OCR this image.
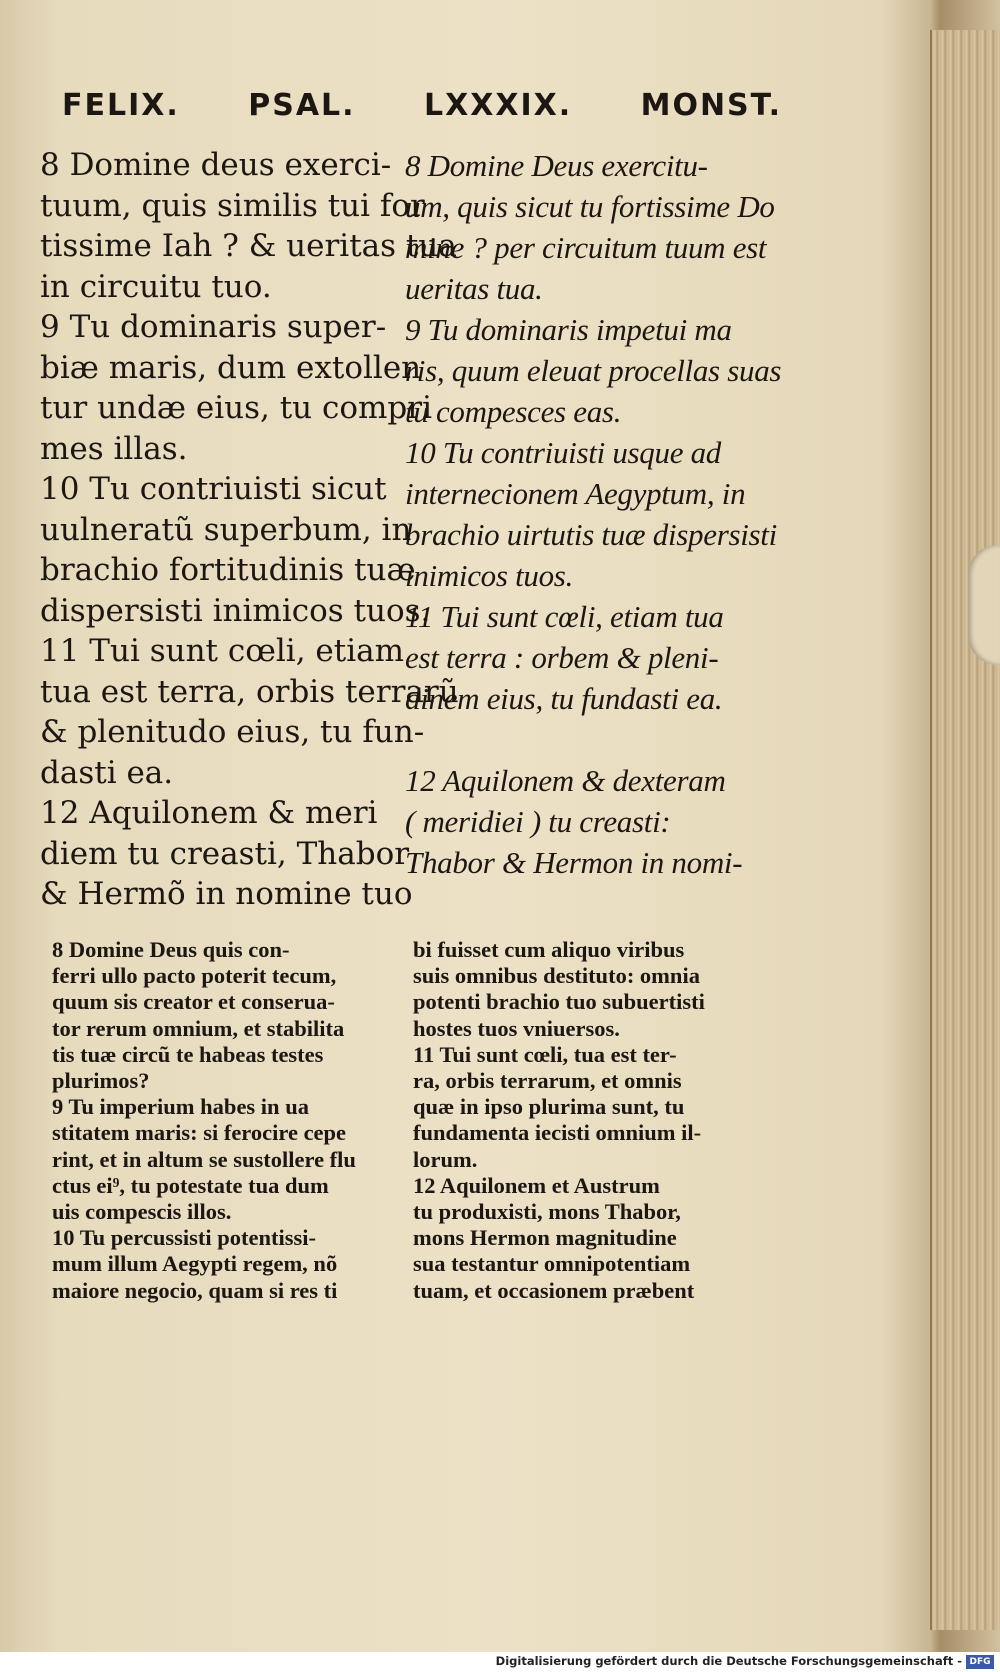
FELIX. PSAL. LXXXIX. MONST.
8 Domine deus exerci-
tuum, quis similis tui for
tissime Iah ? & ueritas tua
in circuitu tuo.
9 Tu dominaris super-
biæ maris, dum extollen
tur undæ eius, tu compri
mes illas.
10 Tu contriuisti sicut
uulneratũ superbum, in
brachio fortitudinis tuæ
dispersisti inimicos tuos.
11 Tui sunt cœli, etiam
tua est terra, orbis terrarũ
& plenitudo eius, tu fun-
dasti ea.
12 Aquilonem & meri
diem tu creasti, Thabor
& Hermõ in nomine tuo
8 Domine Deus exercitu-
um, quis sicut tu fortissime Do
mine ? per circuitum tuum est
ueritas tua.
9 Tu dominaris impetui ma
ris, quum eleuat procellas suas
tu compesces eas.
10 Tu contriuisti usque ad
internecionem Aegyptum, in
brachio uirtutis tuæ dispersisti
inimicos tuos.
11 Tui sunt cœli, etiam tua
est terra : orbem & pleni-
dinem eius, tu fundasti ea.

12 Aquilonem & dexteram
( meridiei ) tu creasti:
Thabor & Hermon in nomi-
8 Domine Deus quis con-
ferri ullo pacto poterit tecum,
quum sis creator et conserua-
tor rerum omnium, et stabilita
tis tuæ circũ te habeas testes
plurimos?
9 Tu imperium habes in ua
stitatem maris: si ferocire cepe
rint, et in altum se sustollere flu
ctus ei⁹, tu potestate tua dum
uis compescis illos.
10 Tu percussisti potentissi-
mum illum Aegypti regem, nõ
maiore negocio, quam si res ti
bi fuisset cum aliquo viribus
suis omnibus destituto: omnia
potenti brachio tuo subuertisti
hostes tuos vniuersos.
11 Tui sunt cœli, tua est ter-
ra, orbis terrarum, et omnis
quæ in ipso plurima sunt, tu
fundamenta iecisti omnium il-
lorum.
12 Aquilonem et Austrum
tu produxisti, mons Thabor,
mons Hermon magnitudine
sua testantur omnipotentiam
tuam, et occasionem præbent
Digitalisierung gefördert durch die Deutsche Forschungsgemeinschaft - DFG
